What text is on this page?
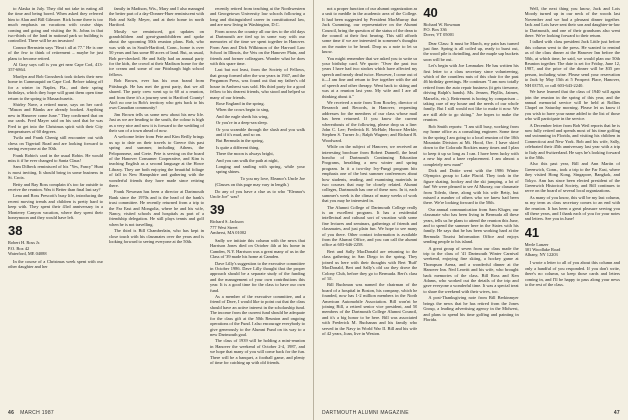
to Alaska in July. They did not take in eating all the time and being bored. When asked they referred him to Alan and Bill Gilmore. Rick home there is too much emphasis on vacations with cruise ships coming and going and visiting the St. Johns in that two-thirds of the land in national park so building is controlled. There will be an invasion!

Connor Bernstein says "Beat t all at 77." He is one of the few to think of retirement – maybe he just plans to become retired.

Al Gray says call is you get near Cape Cod, 413-357-6864.

Marilyn and Bob Grossbeck took tickets their new home in Cummaquid on Cape Cod. Before taking off for a winter in Naples, Fla., and their spring birthdays, which they hope will grant them open time return to the spring to Massachusetts.

Shirley Nave, a retired nurse, says on her card: "Mason and Blanks are already booked. Anything new in Hanover come June." They confirmed that on our cards. Fred Mayer said on his card that he was Fred to get into the Christmas spirit with their City temperatures of 60 degrees.

Twila and Frank Chenig still encounter out with chess on Tigertail Road and are looking forward to seeing everyone at the 50th.

Frank Robin's card in the usual Robin. He would miss it if he ever changed to Santa Claus!

Sam Dilbeck reminisced of his "Yes, Fancy" Hunt is most inviting. It should bring in some business in St. Croix.

Betty and Ray Ross complain it's too far outside to receive the reunion. Was it Better than final last say?

Lena and Ross Prescott's busy life, introducing the recent moving trends and children is pretty hard to keep with. They spent their 43rd anniversary in a Monterey Canyon vacation, where they spent their honeymoon and they would have left.

38
Robert H. Ross Jr.
P.O. Box 42
Waterford, ME 04088

In the course of a Christmas week spent with our other daughter and her

family in Madison, Wis., Mary and I also managed the better part of a day-Donner-Huer reminiscent with Bob and Sally Meyer, and at their home in north Hartford.

Mostly we reminisced, got updates on grandchildren and great-grandchildren and spoke about the upcoming 50th reunion plans. Bob, who was with us in South-Hartford, Conn., home is over 50 years and has some 80 acres of land. But, as usual, Bob pre-checked. He and Sally had an annual party for the kids, the crowd at their Madison home for the ice cream and some of our Pittsburgh high school fellows.

Bob Brown, ever has his own brand from Pittsburgh. He has met the great party, that we all shared. The party crew went up to 60 at a reunion, and from there it's a journey sent to Hartford County! Ain't no one in Bob's territory who gets back to his own Canadian community!

Jim Brown tells us some new about his new life. Just as we are heading to the south, the colour is high as a very nice and now it is forward to the wedding of their son of a town ahead of now.

A welcome letter from Pete and Kim Reilly brings us up to date on their travels to Greece this past spring and summer, including Athens, the Peloponnese, and Crete. Pete is serving on the board of the Hanover Consumer Cooperative, and Kim is teaching English as a second language at the Howe Library. They are both enjoying the beautiful foliage of fall in New Hampshire and gathering with the wonderful friends they have made since retiring there.

Frank Newman has been a director at Dartmouth Bank since the 1970s and is the head of the bank's trust committee. He recently returned from a trip to the Far East and Mongolia, where he and his wife, Nancy, visited schools and hospitals as part of a friendship delegation. He still plays tennis and golf when he is not travelling.

The third is Bill Chamberlain, who has kept in close touch with his classmates over the years and is looking forward to seeing everyone at the 50th.

recently retired from teaching at the Northwestern and Georgetown University law schools following a long and distinguished career in constitutional law, and are now living in Washington, D.C.

From across the country all our ties to the old days at Dartmouth are tied up in some way with our memories of the time we spent together in Hanover. From Ann and Dick Wilkinson of the Harvard Law School in Illinois, the Vets on the Hanover Plain, and friends and former colleagues. Wonder what he does with this spare time.

Last but not least, from the Society of Fellows, that group formed after the war years in 1947, and the Pergamon Press, was found out that my father's old house in Amherst was sold. His third party for a good fellow to his dearest friends, who stood and helped so many of our friends.

Rose England in the spring.

When the crows begin to sing,

And the eagle sheds his wing,

Or you're in a deep-sea sleep.

Or you scramble through the slush and you walk and if it's mud, and so on.

But Bermuda in the spring,

Is quite a different thing.

There the moon is always bright,

And you can walk the path at night,

Longing and smiling with spring, while your spring shines.

To you my love, Eleanor's Uncle Joe

(Classes on this page may vary in length.)

Do any of you have a clue as to who "Eleanor's Uncle Joe" was?

39
Richard S. Jackson
777 West Street
Amherst, MA 01002

Sadly we initiate this column with the news that Harrison Jones died on October 4th at his home in Camden, N.Y. Harrison was a great many of us in the Class of '39 made his home at Camden.

Dave Lilly's suggestion to the executive committee in October 1986. Dave Lilly thought that the proper approach should be a separate study of the funding and the management of your own contributions this year. It is a good time for the class to have our own fund.

As a member of the executive committee, and a friend of Dave, I would like to point out that the class should have an active interest in the scholarship fund. The income from the current fund should be adequate for the class gift at the 50th Reunion and ongoing operations of the Fund. I also encourage everybody to give generously to the Alumni Fund on its way to a new Dartmouth goal.

The class of 1939 will be holding a mini-reunion in Hanover the weekend of October 2-4, 1987, and we hope that many of you will come back for the fun. There will be a banquet, a football game, and plenty of time for catching up with old friends.

46 MARCH 1987

not a proper function of our alumni organization as a unit to meddle in the academic area of the College. It had been suggested by President MacMurray that Jack Cumming, our representative on the Alumni Council, bring the question of the status of the dean to the council at their first hearing. This still affords some time if we are interested in someone's thoughts on the matter to be heard. Drop us a note to let us know.

You might remember that we asked you to write us your birthday card. We quote: "Over the past two years I have had two strokes which have affected my speech and nearly dead twice. However, I come out of it—I am fine and return to live together with the aid of speech and other therapy. Went back to skiing and was at a reunion last year. My wife and I are all thinking about it."

We received a note from Tom Rowley, director of Research and Records, in Hanover, requesting addresses for the members of our class whose mail has been returned. If you know the current whereabouts of the following, please drop us a line: John C. Lee; Frederick R. McHale; Horace Merkle; Stephen S. Turner Jr.; Ralph Wagner; and Richard R. Woodward.

While on the subject of Hanover, we received an interesting brochure from Robert Dunnell, the head honcho of Dartmouth Continuing Education Programs, heralding a new winter and spring program. In it a two-day Ivy-Fungi program hits emphasis one of the best summer conferences about how students, reading, and examining materials in two courses that may be closely related. Alumni colleges, Dartmouth has one of these now. In it, each summer's week is the climax of many weeks of work that you may be interested in.

The Alumni College of Dartmouth College really is an excellent program. It has a residential intellectual and cultural sort of vacation with some fine lectures and seminars, gatherings of friends and classmates, and just plain fun. We hope to see many of you there. Other contact information is available from the Alumni Office, and you can call the alumni office at 603-646-2258.

Bert and Sally MacDonald are returning to the class gathering in San Diego in the spring. They joined us here with their thoughts with Bert 'Ruff' MacDonald, Bert and Sally's old car they drove the Colony Club, before they go to Bermuda. Bert's class of '41.

Bill Buchman was named the chairman of the board of a hospital in Boston, his company, which he founded, now has 1-2 million members in the North American Automobile Association. Bill won'nt be joining Bill, a retired senior vice president, and 50 members of the Dartmouth College Alumni Council, and it's a big honor to be here. Bill was associated with Frederick M. Buchanan and his family who served in the Navy in World War II. Bill and his wife of 42 years, Joan, live in Weston.

40
Richard W. Bowman
P.O. Box 336
Dover, VT 05001

Dear Class: It must be March, my pain has turned just fine. Spring is all coiled up, ready to burst out, the wood pile is dwindling, and the maple sap buckets soon will be out.

Let's begin with Joe Lenmaker. He has written his first letter to a class secretary since volunteering, which of the countless nuts of this chair for the past 46 birthday greetings. He continues "I am now totally retired from the auto repair business (it gets tiresome, driving Ralph's hands). Ms. Jensen, Phyllis, Jaimes, Marselis, etc.). Retirement is boring by comparison – taking care of my house and the needs of our whole family. But I still would not like to make it now. We are still able to go skiing." Joe hopes to make the reunion.

Bob Smith reports: "I am still busy, working from my home office as a consulting engineer. Some time in the spring I am going to a local reunion of the 10th Mountain Division at Mt. Hood, Ore. I have skied down to the Colorado Rockies many times and I plan to keep it up so long as I can. I have been lucky with a new hip and a knee replacement. I am almost a completely new man!"

Dick and Dottie went with the 1986 Winter Olympics group to Lake Placid. They took in the figure skating, hockey and the ski jumping, a lot of fun! We were pleased to see Al Murray, our classmate from Toledo, there, along with his wife Betty, but missed a number of others who we knew had been there. We're looking forward to the 50th.

Our annual communication from Sam Kluger, our classmate who has been living in Bermuda all these years, tells us he plans to attend the reunion this June, and to spend the summer here in the States with his family. He says that he has been working hard at the Bermuda Tourist Information Office and enjoys sending people to his island.

A great group of seven from our class made the trip to the class of '41 Dartmouth Winter Carnival weekend, enjoying fine skiing, a hockey game at Thompson Arena, and a wonderful dinner at the Hanover Inn. Ned Leavitt and his wife, who brought back memories of the class. Bill Ross and Ken Adams, who worked out the details of the trip and gave everyone a wonderful time. It was a special treat to share the weekend with their wives, too.

A post-Thanksgiving note from Bill Berkinmyer brings the news that he has retired from the Jones Group, a leading advertising agency in the Midwest, and plans to spend his time golfing and painting in Florida.

Well, the next thing you know, Jack and Lois Moody turned up in our neck of the woods last November and we had a pleasant dinner together. Jack and Lois have sent their son and daughter-in-law to Dartmouth, and one of their grandsons also went there. We're looking forward to their return.

I talked with class president Jack Little just before this column went to the press. He wanted to remind us of the class dinner at the Hanover Inn before the 50th, at which time, he said, we would plan our 50th Reunion together. The date is set for Friday, June 12, 1987, and the price of the dinner will be $35 per person, including wine. Please send your reservation to Jack by May 15th at 5 Prospect Place, Hanover, NH 03755, or call 603-643-2240.

We have learned that the class of 1940 will again join the reunion in the spring of this year, and the annual memorial service will be held at Rollins Chapel on Saturday morning. Please let us know if you wish to have your name added to the list of those who will participate in the service.

A December letter from Bob Weil reports that he is now fully retired and spends most of his time golfing and swimming in Florida, and visiting his children in Connecticut and New York. Bob and his wife, Sally, celebrated their 45th anniversary last year with a trip to Italy and Switzerland. He says he's looking forward to the 50th.

Also this past year, Bill and Ann Martin of Greenwich, Conn., took a trip to the Far East, where they visited Hong Kong, Singapore, Bangkok, and Tokyo. Ann has since been elected president of the Greenwich Historical Society, and Bill continues to serve on the board of several local organizations.

As many of you know, this will be my last column, as my term as class secretary comes to an end with the reunion. It has been a great pleasure serving you all these years, and I thank each of you for your notes and letters. See you in June!

41
Merle Lanzer
301 Woodlake Road
Albany, NY 12203

I wrote a letter to all of you about this column and only a handful of you responded. If you don't write, there's no column, so keep those cards and letters coming in, and I'll be happy to pass along your news to the rest of the class.

DARTMOUTH ALUMNI MAGAZINE	47
